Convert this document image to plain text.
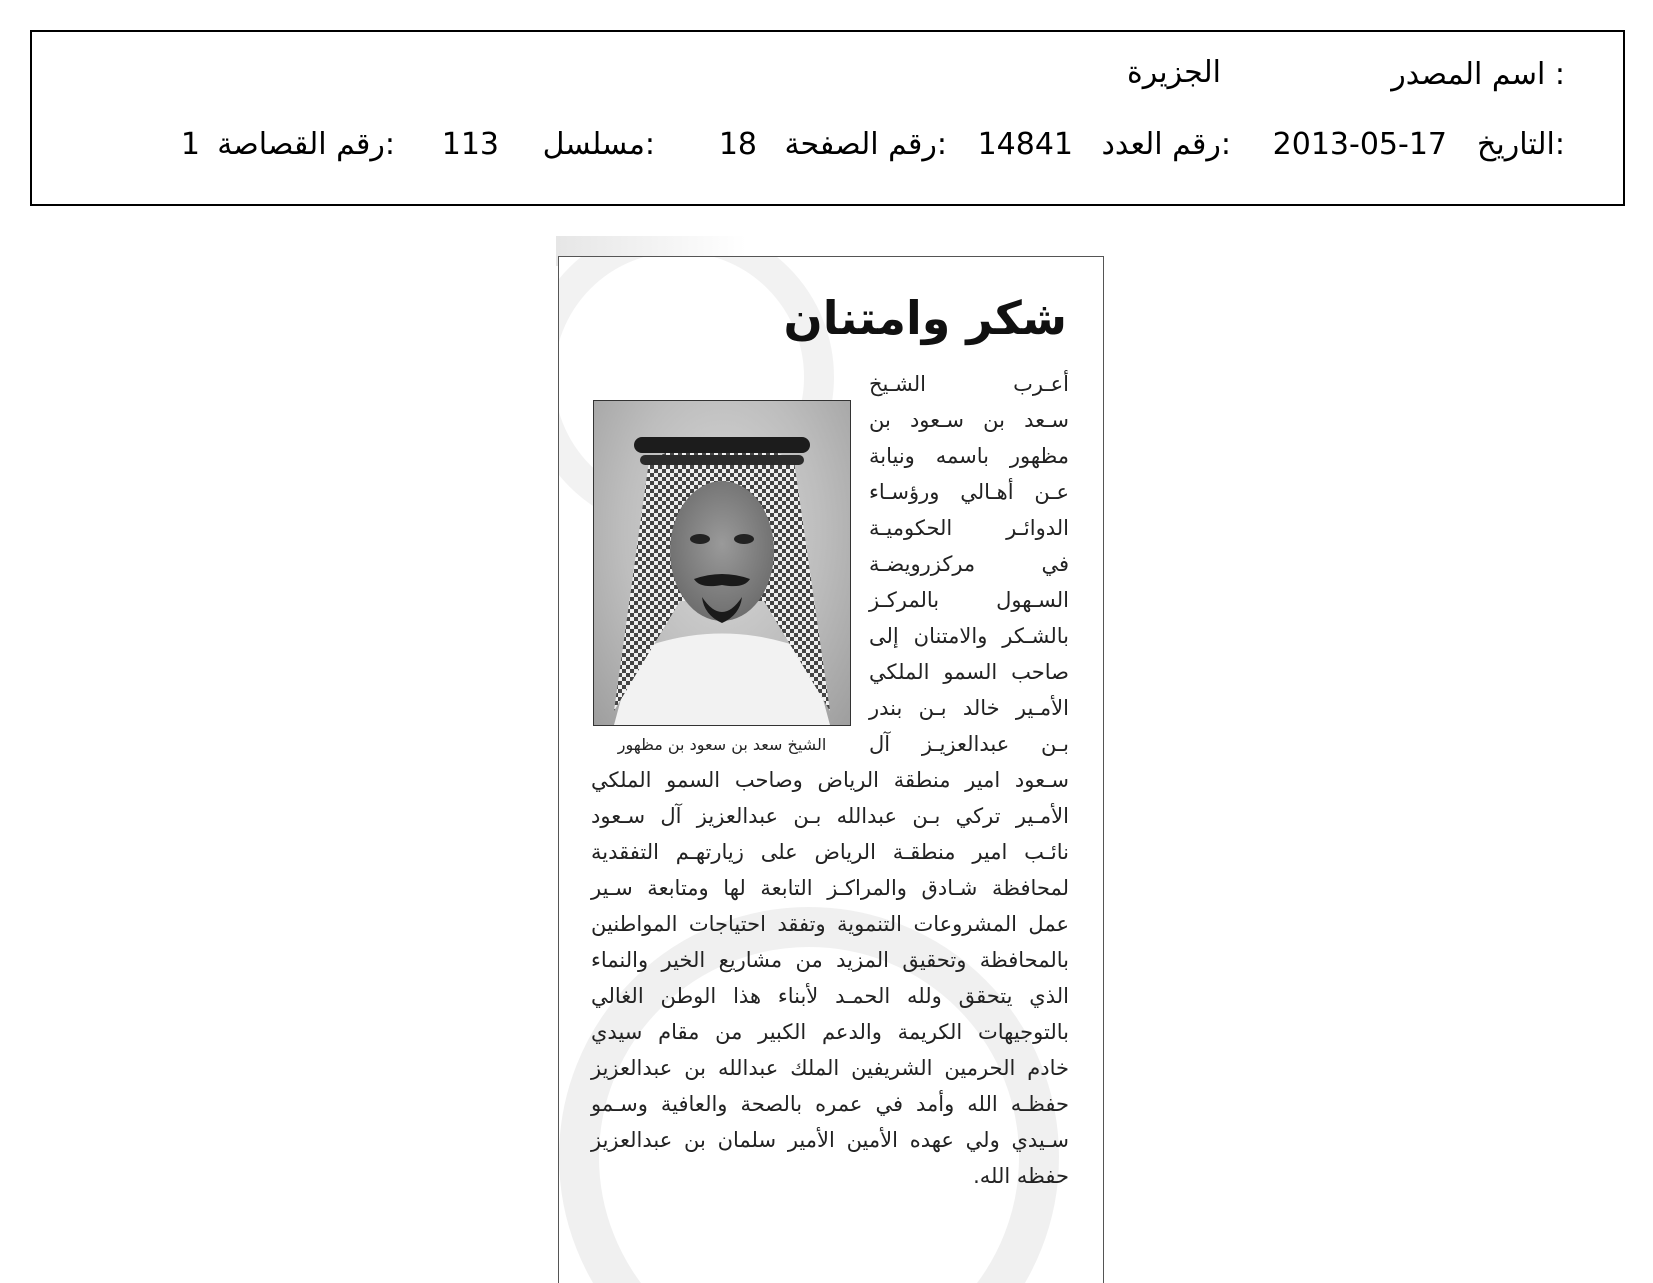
اسم المصدر :
الجزيرة
التاريخ:
2013-05-17
رقم العدد:
14841
رقم الصفحة:
18
مسلسل:
113
رقم القصاصة:
1
شكر وامتنان
الشيخ سعد بن سعود بن مظهور
أعـرب الشـيخ
سـعد بن سـعود بن
مظهور باسمه ونيابة
عـن أهـالي ورؤسـاء
الدوائـر الحكوميـة
في مركزرويضـة
السـهول بالمركـز
بالشـكر والامتنان إلى
صاحب السمو الملكي
الأمـير خالد بـن بندر
بـن عبدالعزيـز آل
سـعود امير منطقة الرياض وصاحب السمو الملكي
الأمـير تركي بـن عبدالله بـن عبدالعزيز آل سـعود
نائـب امير منطقـة الرياض على زيارتهـم التفقدية
لمحافظة شـادق والمراكـز التابعة لها ومتابعة سـير
عمل المشروعات التنموية وتفقد احتياجات المواطنين
بالمحافظة وتحقيق المزيد من مشاريع الخير والنماء
الذي يتحقق ولله الحمـد لأبناء هذا الوطن الغالي
بالتوجيهات الكريمة والدعم الكبير من مقام سيدي
خادم الحرمين الشريفين الملك عبدالله بن عبدالعزيز
حفظـه الله وأمد في عمره بالصحة والعافية وسـمو
سـيدي ولي عهده الأمين الأمير سلمان بن عبدالعزيز
حفظه الله.
